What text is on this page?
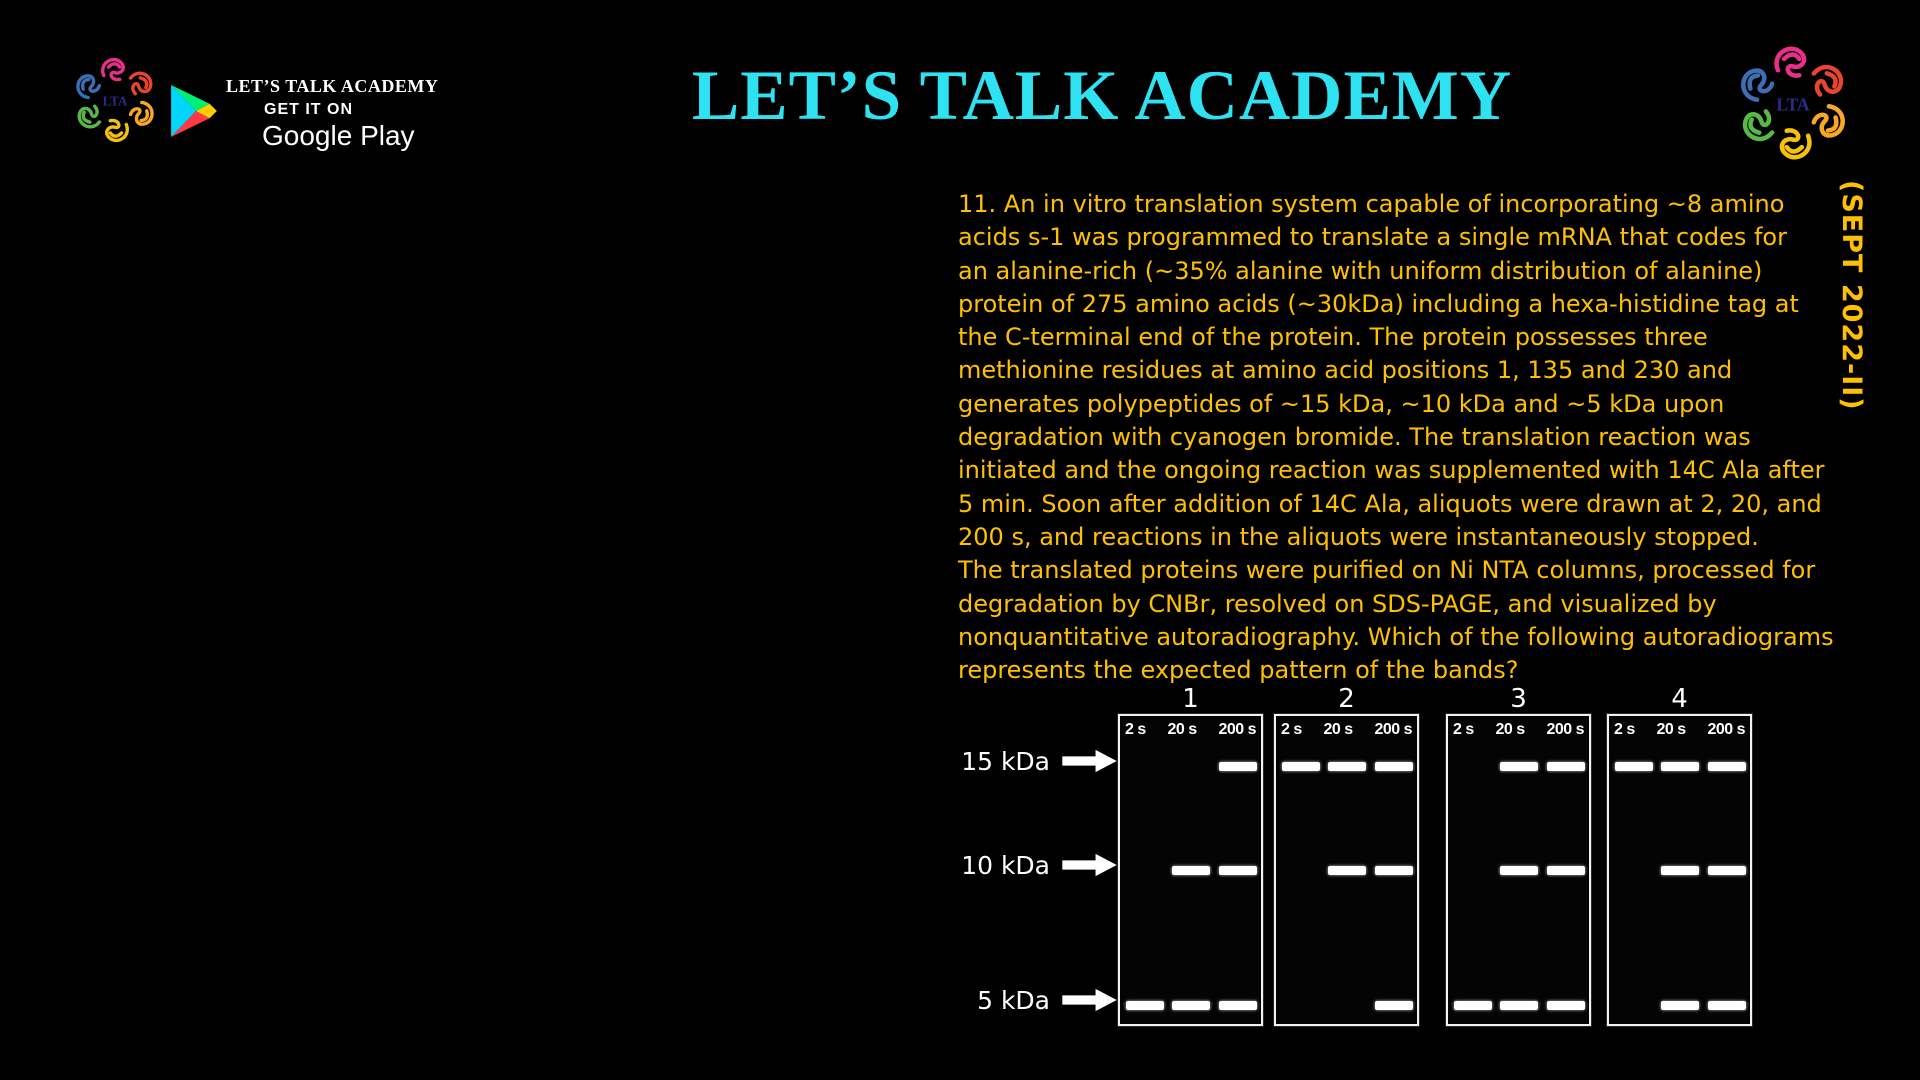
LTA
LET’S TALK ACADEMY
GET IT ON
Google Play
LET’S TALK ACADEMY	LTA
(SEPT 2022-II)
11. An in vitro translation system capable of incorporating ~8 amino
acids s-1 was programmed to translate a single mRNA that codes for
an alanine-rich (~35% alanine with uniform distribution of alanine)
protein of 275 amino acids (~30kDa) including a hexa-histidine tag at
the C-terminal end of the protein. The protein possesses three
methionine residues at amino acid positions 1, 135 and 230 and
generates polypeptides of ~15 kDa, ~10 kDa and ~5 kDa upon
degradation with cyanogen bromide. The translation reaction was
initiated and the ongoing reaction was supplemented with 14C Ala after
5 min. Soon after addition of 14C Ala, aliquots were drawn at 2, 20, and
200 s, and reactions in the aliquots were instantaneously stopped.
The translated proteins were purified on Ni NTA columns, processed for
degradation by CNBr, resolved on SDS-PAGE, and visualized by
nonquantitative autoradiography. Which of the following autoradiograms
represents the expected pattern of the bands?
15 kDa
10 kDa
5 kDa
1
2 s 20 s 200 s
2
2 s 20 s 200 s
3
2 s 20 s 200 s
4
2 s 20 s 200 s
